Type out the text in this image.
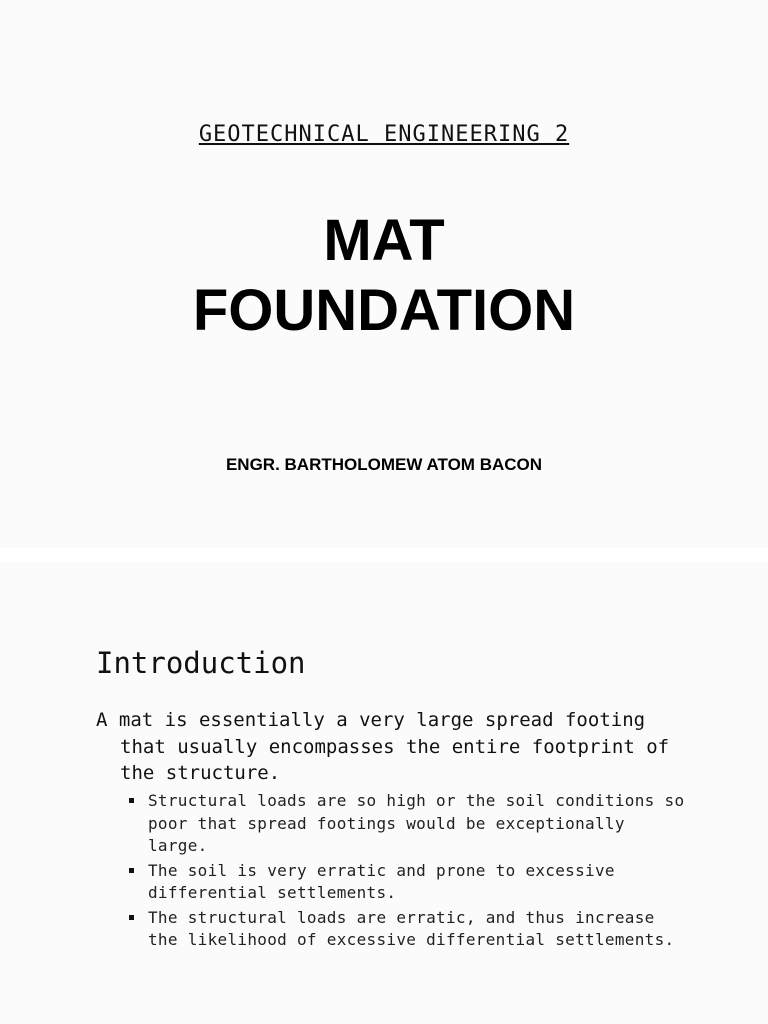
GEOTECHNICAL ENGINEERING 2
MAT
FOUNDATION
ENGR. BARTHOLOMEW ATOM BACON
Introduction
A mat is essentially a very large spread footing that usually encompasses the entire footprint of the structure.
Structural loads are so high or the soil conditions so poor that spread footings would be exceptionally large.
The soil is very erratic and prone to excessive differential settlements.
The structural loads are erratic, and thus increase the likelihood of excessive differential settlements.
